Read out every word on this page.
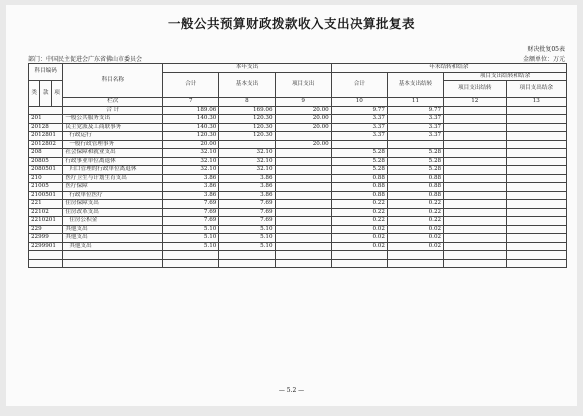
一般公共预算财政拨款收入支出决算批复表
财决批复05表
金额单位：万元
部门：中国民主促进会广东省佛山市委员会
科目编码			科目名称	本年支出			年末结转和结余			
				合计	基本支出	项目支出	合计	基本支出结转	项目支出结转和结余	
									项目支出结转	项目支出结余
类	款	项								
			栏次	7	8	9	10	11	12	13
			合 计	189.06	169.06	20.00	9.77	9.77		
201			一般公共服务支出	140.30	120.30	20.00	3.37	3.37		
20128			民主党派及工商联事务	140.30	120.30	20.00	3.37	3.37		
2012801			行政运行	120.30	120.30		3.37	3.37		
2012802			一般行政管理事务	20.00		20.00				
208			社会保障和就业支出	32.10	32.10		5.28	5.28		
20805			行政事业单位离退休	32.10	32.10		5.28	5.28		
2080501			归口管理的行政单位离退休	32.10	32.10		5.28	5.28		
210			医疗卫生与计划生育支出	3.86	3.86		0.88	0.88		
21005			医疗保障	3.86	3.86		0.88	0.88		
2100501			行政单位医疗	3.86	3.86		0.88	0.88		
221			住房保障支出	7.69	7.69		0.22	0.22		
22102			住房改革支出	7.69	7.69		0.22	0.22		
2210201			住房公积金	7.69	7.69		0.22	0.22		
229			其他支出	5.10	5.10		0.02	0.02		
22999			其他支出	5.10	5.10		0.02	0.02		
2299901			其他支出	5.10	5.10		0.02	0.02		

— 5.2 —
